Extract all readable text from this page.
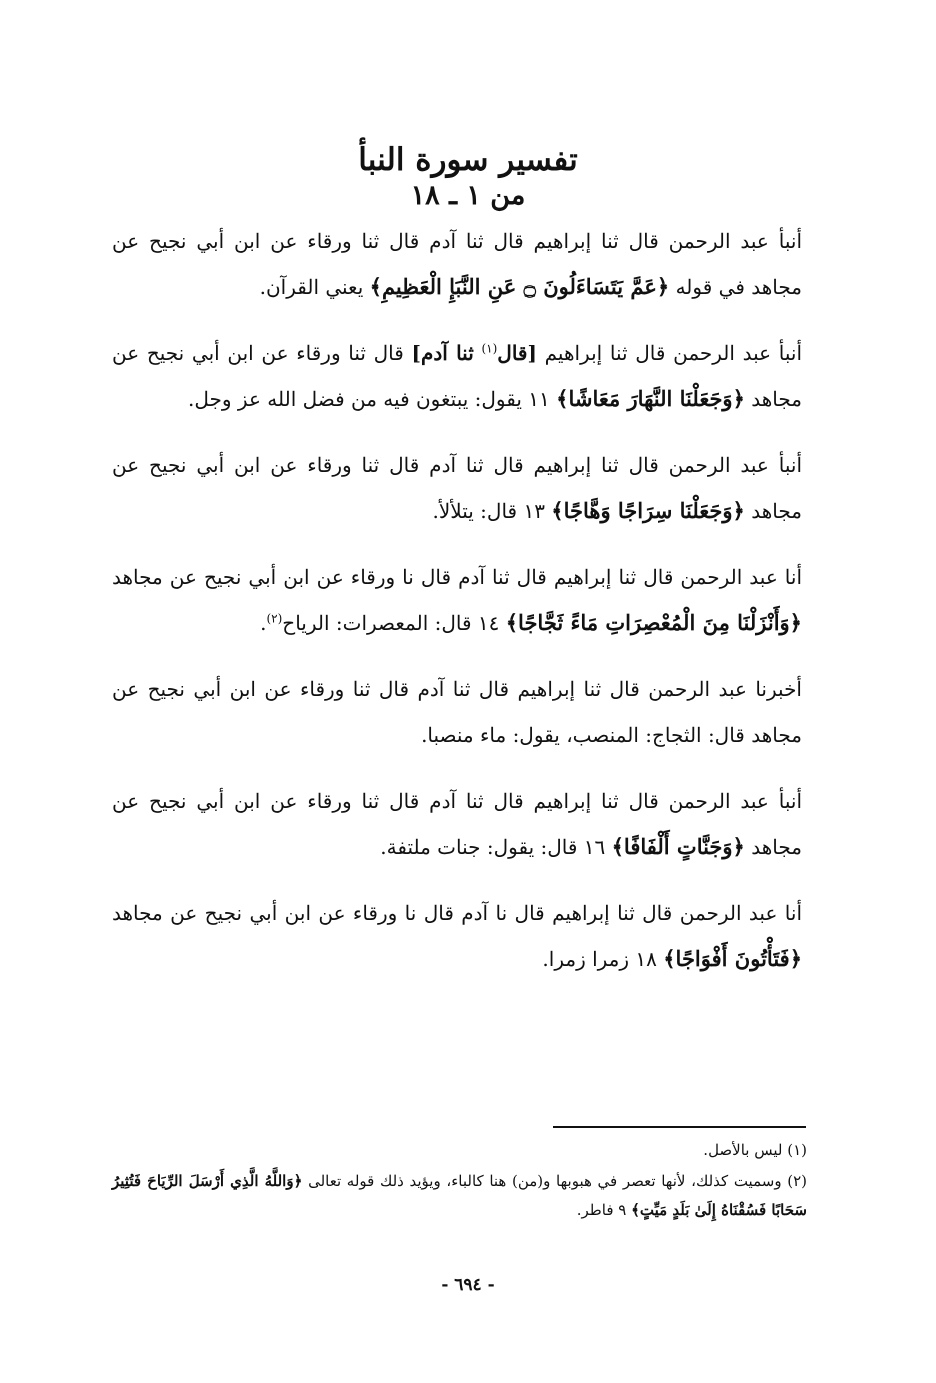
تفسير سورة النبأ
من ١ ـ ١٨

أنبأ عبد الرحمن قال ثنا إبراهيم قال ثنا آدم قال ثنا ورقاء عن ابن أبي نجيح عن مجاهد في قوله ﴿عَمَّ يَتَسَاءَلُونَ ۝ عَنِ النَّبَإِ الْعَظِيمِ﴾ يعني القرآن.

أنبأ عبد الرحمن قال ثنا إبراهيم [قال$^{(١)}$ ثنا آدم] قال ثنا ورقاء عن ابن أبي نجيح عن مجاهد ﴿وَجَعَلْنَا النَّهَارَ مَعَاشًا﴾ ١١ يقول: يبتغون فيه من فضل الله عز وجل.

أنبأ عبد الرحمن قال ثنا إبراهيم قال ثنا آدم قال ثنا ورقاء عن ابن أبي نجيح عن مجاهد ﴿وَجَعَلْنَا سِرَاجًا وَهَّاجًا﴾ ١٣ قال: يتلألأ.

أنا عبد الرحمن قال ثنا إبراهيم قال ثنا آدم قال نا ورقاء عن ابن أبي نجيح عن مجاهد ﴿وَأَنْزَلْنَا مِنَ الْمُعْصِرَاتِ مَاءً ثَجَّاجًا﴾ ١٤ قال: المعصرات: الرياح$^{(٢)}$.

أخبرنا عبد الرحمن قال ثنا إبراهيم قال ثنا آدم قال ثنا ورقاء عن ابن أبي نجيح عن مجاهد قال: الثجاج: المنصب، يقول: ماء منصبا.

أنبأ عبد الرحمن قال ثنا إبراهيم قال ثنا آدم قال ثنا ورقاء عن ابن أبي نجيح عن مجاهد ﴿وَجَنَّاتٍ أَلْفَافًا﴾ ١٦ قال: يقول: جنات ملتفة.

أنا عبد الرحمن قال ثنا إبراهيم قال نا آدم قال نا ورقاء عن ابن أبي نجيح عن مجاهد ﴿فَتَأْتُونَ أَفْوَاجًا﴾ ١٨ زمرا زمرا.

(١) ليس بالأصل.

(٢) وسميت كذلك، لأنها تعصر في هبوبها و(من) هنا كالباء، ويؤيد ذلك قوله تعالى ﴿وَاللَّهُ الَّذِي أَرْسَلَ الرِّيَاحَ فَتُثِيرُ سَحَابًا فَسُقْنَاهُ إِلَىٰ بَلَدٍ مَيِّتٍ﴾ ٩ فاطر.

- ٦٩٤ -
